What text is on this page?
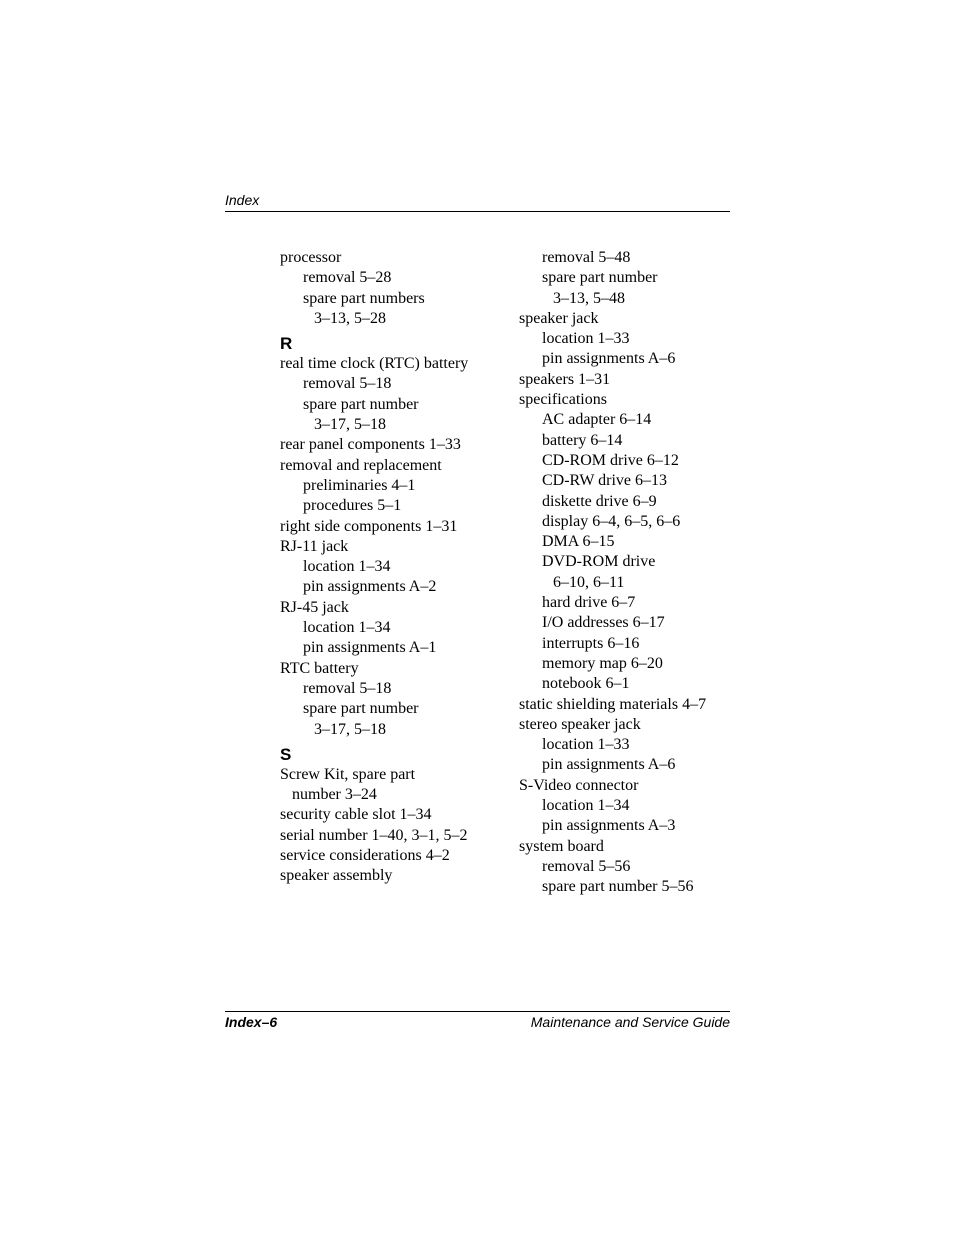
Index
processor
removal 5–28
spare part numbers
3–13, 5–28
R
real time clock (RTC) battery
removal 5–18
spare part number
3–17, 5–18
rear panel components 1–33
removal and replacement
preliminaries 4–1
procedures 5–1
right side components 1–31
RJ-11 jack
location 1–34
pin assignments A–2
RJ-45 jack
location 1–34
pin assignments A–1
RTC battery
removal 5–18
spare part number
3–17, 5–18
S
Screw Kit, spare part
number 3–24
security cable slot 1–34
serial number 1–40, 3–1, 5–2
service considerations 4–2
speaker assembly
removal 5–48
spare part number
3–13, 5–48
speaker jack
location 1–33
pin assignments A–6
speakers 1–31
specifications
AC adapter 6–14
battery 6–14
CD-ROM drive 6–12
CD-RW drive 6–13
diskette drive 6–9
display 6–4, 6–5, 6–6
DMA 6–15
DVD-ROM drive
6–10, 6–11
hard drive 6–7
I/O addresses 6–17
interrupts 6–16
memory map 6–20
notebook 6–1
static shielding materials 4–7
stereo speaker jack
location 1–33
pin assignments A–6
S-Video connector
location 1–34
pin assignments A–3
system board
removal 5–56
spare part number 5–56
Index–6	Maintenance and Service Guide
